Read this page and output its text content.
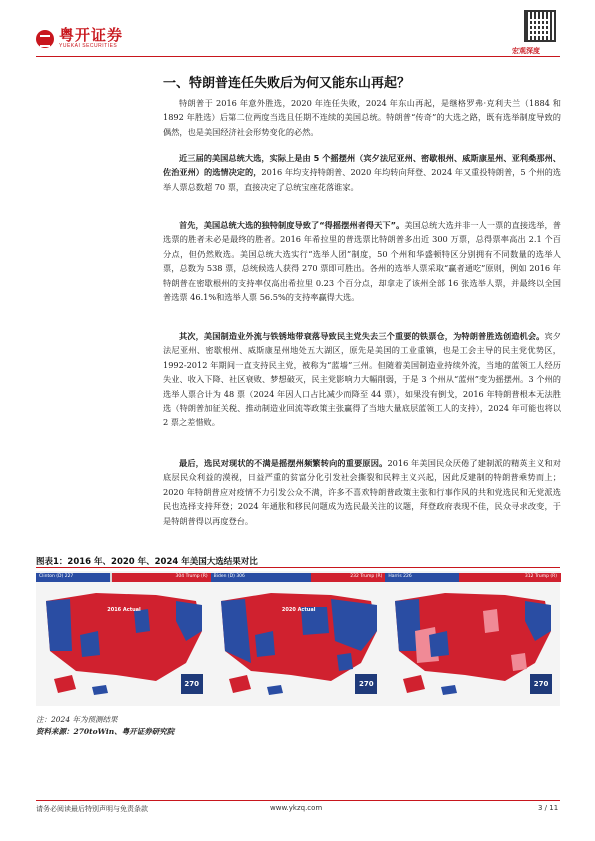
粤开证券
YUEKAI SECURITIES
宏观深度
一、特朗普连任失败后为何又能东山再起？
特朗普于 2016 年意外胜选，2020 年连任失败，2024 年东山再起，是继格罗弗·克利夫兰（1884 和 1892 年胜选）后第二位两度当选且任期不连续的美国总统。特朗普“传奇”的大选之路，既有选举制度导致的偶然，也是美国经济社会形势变化的必然。
近三届的美国总统大选，实际上是由 5 个摇摆州（宾夕法尼亚州、密歇根州、威斯康星州、亚利桑那州、佐治亚州）的选情决定的，2016 年均支持特朗普、2020 年均转向拜登、2024 年又重投特朗普，5 个州的选举人票总数超 70 票，直接决定了总统宝座花落谁家。
首先，美国总统大选的独特制度导致了“得摇摆州者得天下”。美国总统大选并非一人一票的直接选举，普选票的胜者未必是最终的胜者。2016 年希拉里的普选票比特朗普多出近 300 万票，总得票率高出 2.1 个百分点，但仍然败选。美国总统大选实行“选举人团”制度，50 个州和华盛顿特区分别拥有不同数量的选举人票，总数为 538 票，总统候选人获得 270 票即可胜出。各州的选举人票采取“赢者通吃”原则，例如 2016 年特朗普在密歇根州的支持率仅高出希拉里 0.23 个百分点，却拿走了该州全部 16 张选举人票，并最终以全国普选票 46.1%和选举人票 56.5%的支持率赢得大选。
其次，美国制造业外流与铁锈地带衰落导致民主党失去三个重要的铁票仓，为特朗普胜选创造机会。宾夕法尼亚州、密歇根州、威斯康星州地处五大湖区，原先是美国的工业重镇，也是工会主导的民主党优势区，1992-2012 年期间一直支持民主党，被称为“蓝墙”三州。但随着美国制造业持续外流，当地的蓝领工人经历失业、收入下降、社区衰败、梦想破灭，民主党影响力大幅削弱，于是 3 个州从“蓝州”变为摇摆州。3 个州的选举人票合计为 48 票（2024 年因人口占比减少而降至 44 票），如果没有倒戈，2016 年特朗普根本无法胜选（特朗普加征关税、推动制造业回流等政策主张赢得了当地大量底层蓝领工人的支持），2024 年可能也将以 2 票之差惜败。
最后，选民对现状的不满是摇摆州频繁转向的重要原因。2016 年美国民众厌倦了建制派的精英主义和对底层民众利益的漠视，日益严重的贫富分化引发社会撕裂和民粹主义兴起，因此反建制的特朗普乘势而上；2020 年特朗普应对疫情不力引发公众不满，许多不喜欢特朗普政策主张和行事作风的共和党选民和无党派选民也选择支持拜登；2024 年通胀和移民问题成为选民最关注的议题，拜登政府表现不佳，民众寻求改变，于是特朗普得以再度登台。
图表1：2016 年、2020 年、2024 年美国大选结果对比
Clinton (D) 227	304 Trump (R)
2016 Actual
270
Biden (D) 306	232 Trump (R)
2020 Actual
270
Harris 226	312 Trump (R)
270
注：2024 年为预测结果
资料来源：270toWin、粤开证券研究院
请务必阅读最后特别声明与免责条款	www.ykzq.com	3 / 11
